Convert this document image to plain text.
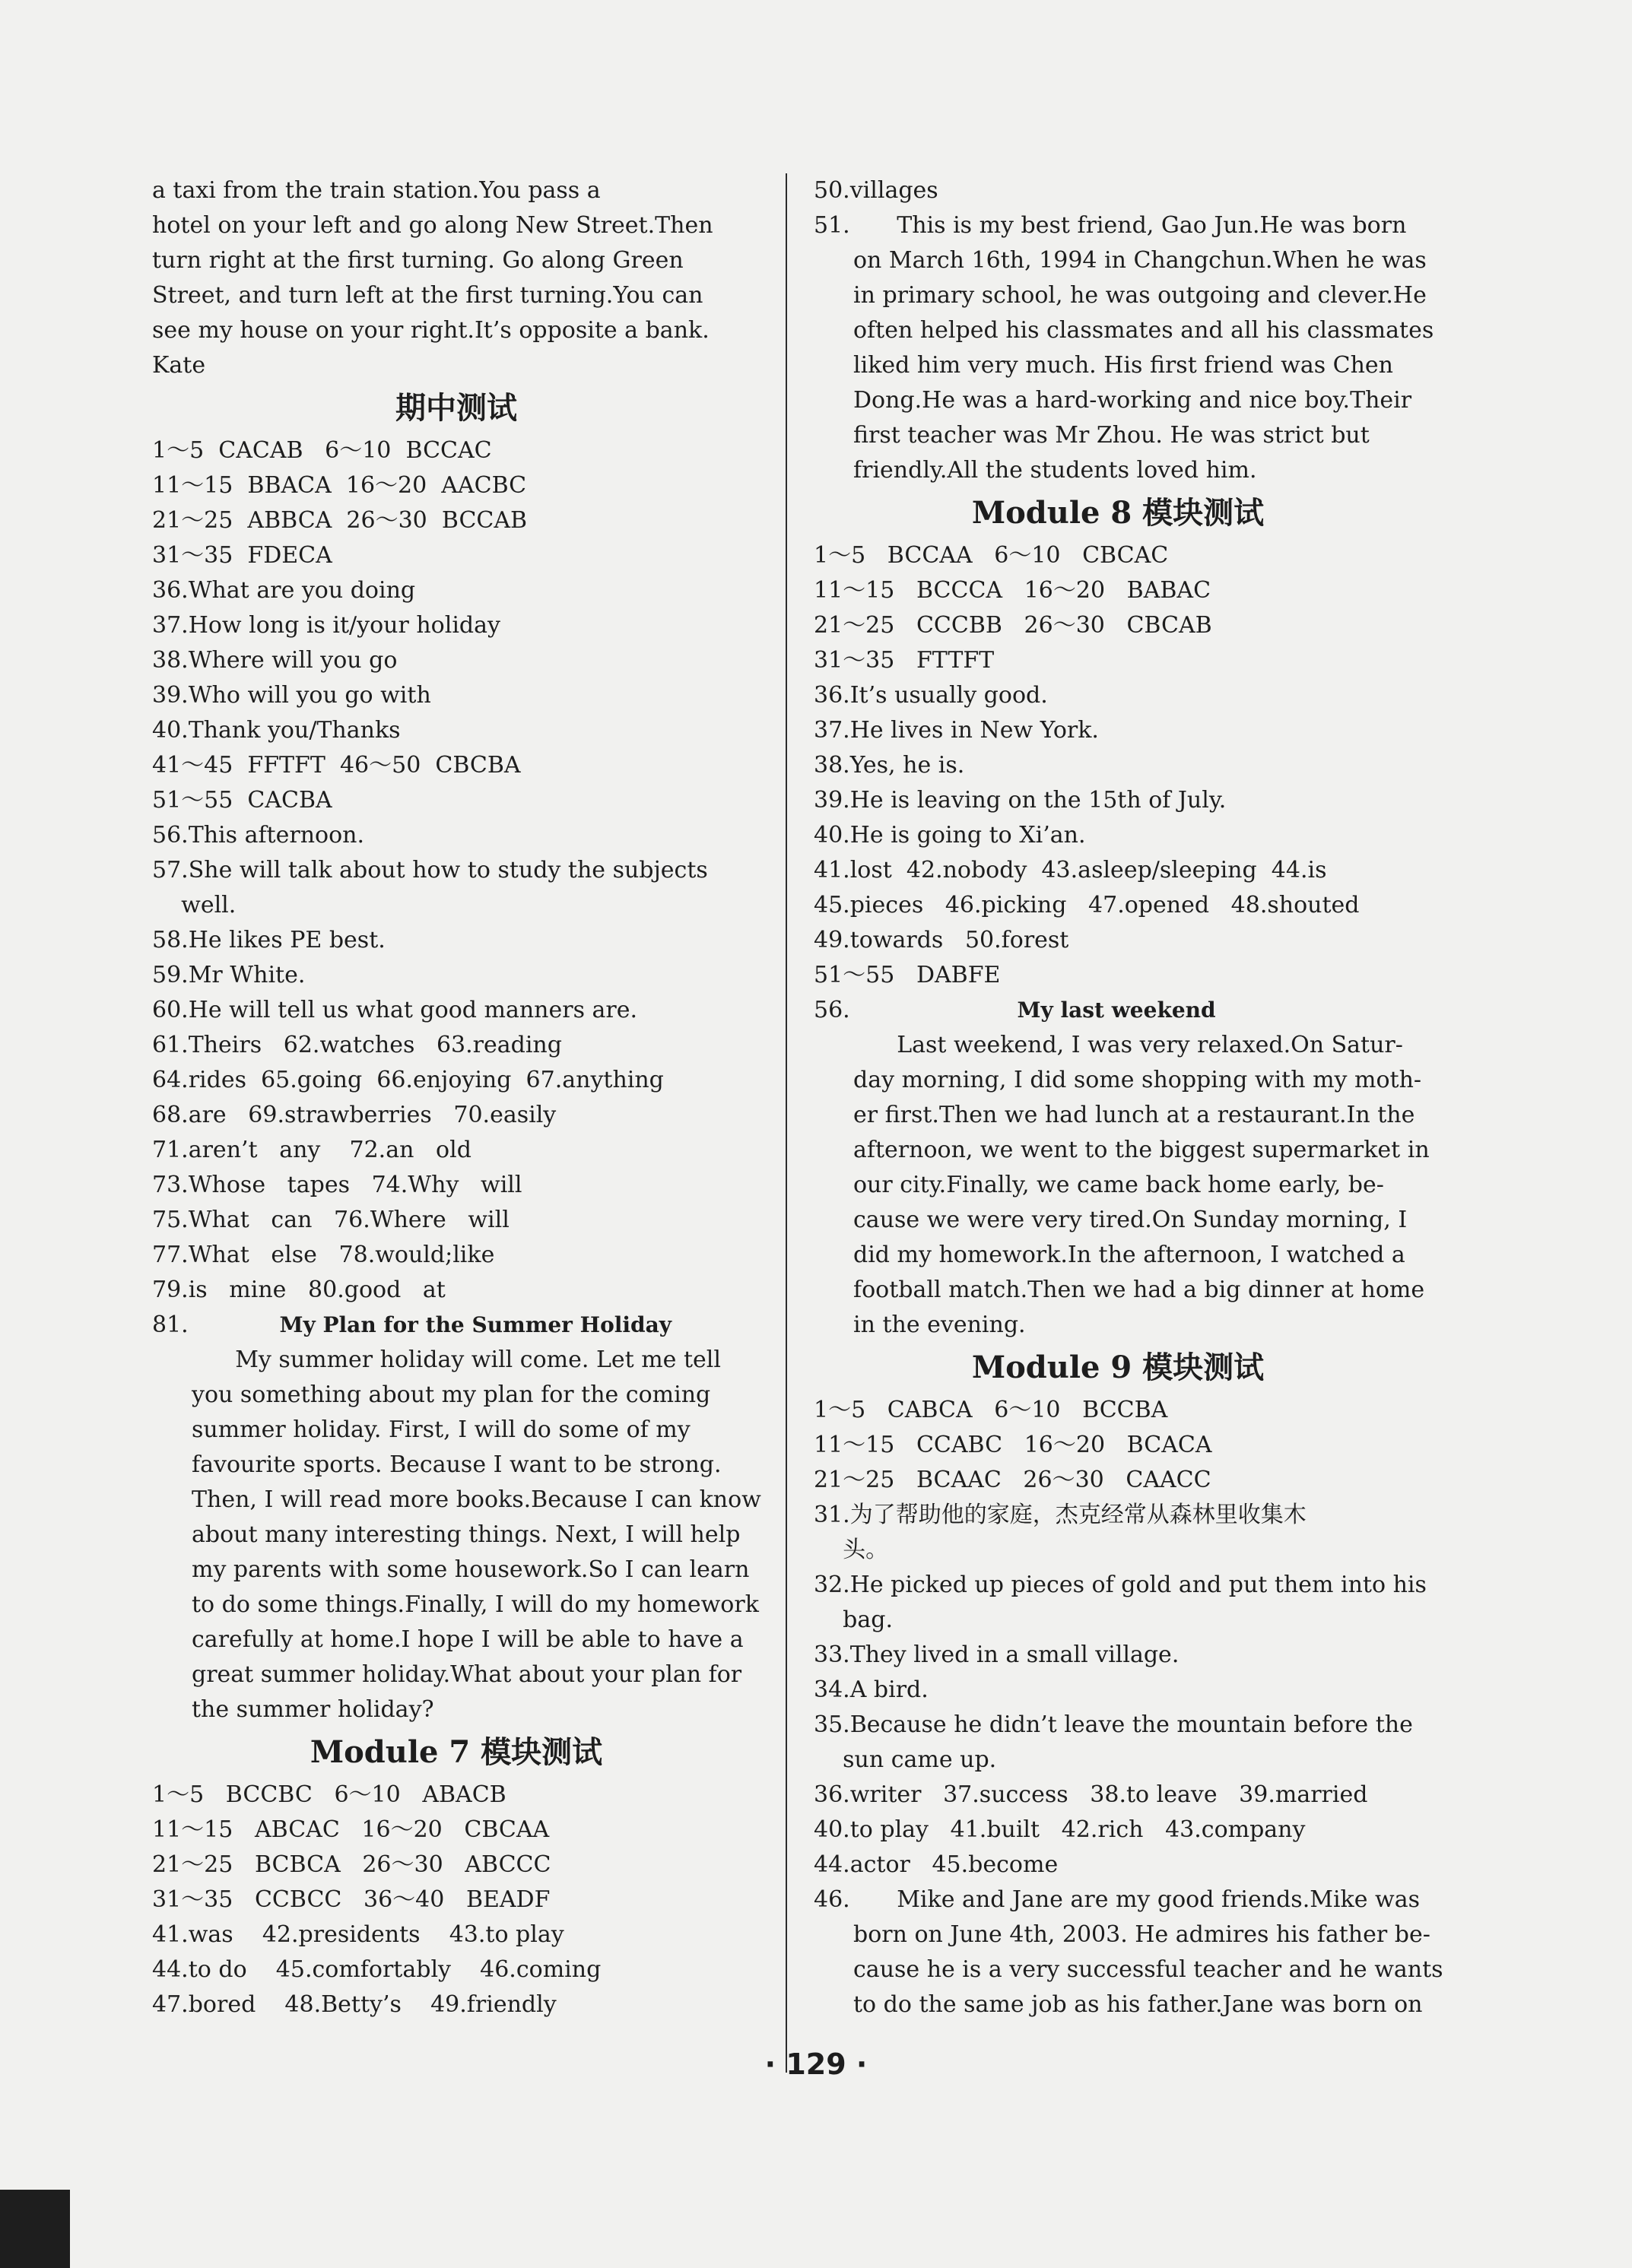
a taxi from the train station.You pass a
hotel on your left and go along New Street.Then
turn right at the first turning. Go along Green
Street, and turn left at the first turning.You can
see my house on your right.It’s opposite a bank.
Kate
期中测试
1～5  CACAB   6～10  BCCAC
11～15  BBACA  16～20  AACBC
21～25  ABBCA  26～30  BCCAB
31～35  FDECA
36.What are you doing
37.How long is it/your holiday
38.Where will you go
39.Who will you go with
40.Thank you/Thanks
41～45  FFTFT  46～50  CBCBA
51～55  CACBA
56.This afternoon.
57.She will talk about how to study the subjects
well.
58.He likes PE best.
59.Mr White.
60.He will tell us what good manners are.
61.Theirs   62.watches   63.reading
64.rides  65.going  66.enjoying  67.anything
68.are   69.strawberries   70.easily
71.aren’t   any    72.an   old
73.Whose   tapes   74.Why   will
75.What   can   76.Where   will
77.What   else   78.would;like
79.is   mine   80.good   at
81.	My Plan for the Summer Holiday
My summer holiday will come. Let me tell
you something about my plan for the coming
summer holiday. First, I will do some of my
favourite sports. Because I want to be strong.
Then, I will read more books.Because I can know
about many interesting things. Next, I will help
my parents with some housework.So I can learn
to do some things.Finally, I will do my homework
carefully at home.I hope I will be able to have a
great summer holiday.What about your plan for
the summer holiday?
Module 7 模块测试
1～5   BCCBC   6～10   ABACB
11～15   ABCAC   16～20   CBCAA
21～25   BCBCA   26～30   ABCCC
31～35   CCBCC   36～40   BEADF
41.was    42.presidents    43.to play
44.to do    45.comfortably    46.coming
47.bored    48.Betty’s    49.friendly
50.villages
51. This is my best friend, Gao Jun.He was born
on March 16th, 1994 in Changchun.When he was
in primary school, he was outgoing and clever.He
often helped his classmates and all his classmates
liked him very much. His first friend was Chen
Dong.He was a hard-working and nice boy.Their
first teacher was Mr Zhou. He was strict but
friendly.All the students loved him.
Module 8 模块测试
1～5   BCCAA   6～10   CBCAC
11～15   BCCCA   16～20   BABAC
21～25   CCCBB   26～30   CBCAB
31～35   FTTFT
36.It’s usually good.
37.He lives in New York.
38.Yes, he is.
39.He is leaving on the 15th of July.
40.He is going to Xi’an.
41.lost  42.nobody  43.asleep/sleeping  44.is
45.pieces   46.picking   47.opened   48.shouted
49.towards   50.forest
51～55   DABFE
56.	My last weekend
Last weekend, I was very relaxed.On Satur-
day morning, I did some shopping with my moth-
er first.Then we had lunch at a restaurant.In the
afternoon, we went to the biggest supermarket in
our city.Finally, we came back home early, be-
cause we were very tired.On Sunday morning, I
did my homework.In the afternoon, I watched a
football match.Then we had a big dinner at home
in the evening.
Module 9 模块测试
1～5   CABCA   6～10   BCCBA
11～15   CCABC   16～20   BCACA
21～25   BCAAC   26～30   CAACC
31.为了帮助他的家庭，杰克经常从森林里收集木
头。
32.He picked up pieces of gold and put them into his
bag.
33.They lived in a small village.
34.A bird.
35.Because he didn’t leave the mountain before the
sun came up.
36.writer   37.success   38.to leave   39.married
40.to play   41.built   42.rich   43.company
44.actor   45.become
46. Mike and Jane are my good friends.Mike was
born on June 4th, 2003. He admires his father be-
cause he is a very successful teacher and he wants
to do the same job as his father.Jane was born on
· 129 ·
